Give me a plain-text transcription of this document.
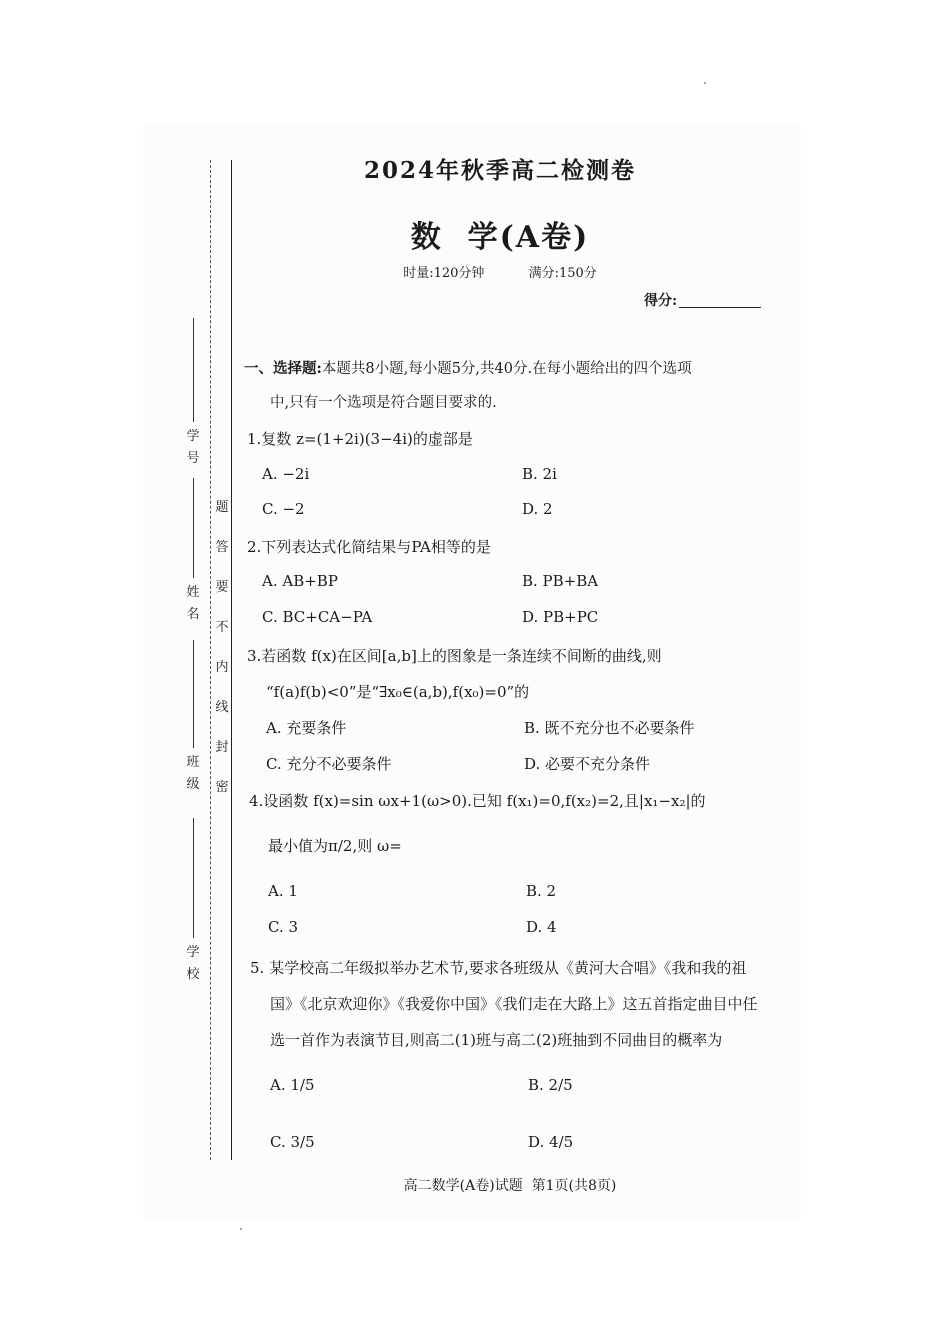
题
答
要
不
内
线
封
密
学
号
姓
名
班
级
学
校
2024年秋季高二检测卷
数  学(A卷)
时量:120分钟	满分:150分
得分:
一、选择题:本题共8小题,每小题5分,共40分.在每小题给出的四个选项
中,只有一个选项是符合题目要求的.
1.复数 z=(1+2i)(3−4i)的虚部是
A. −2i	B. 2i
C. −2	D. 2
2.下列表达式化简结果与PA相等的是
A. AB+BP	B. PB+BA
C. BC+CA−PA	D. PB+PC
3.若函数 f(x)在区间[a,b]上的图象是一条连续不间断的曲线,则
“f(a)f(b)<0”是“∃x₀∈(a,b),f(x₀)=0”的
A. 充要条件	B. 既不充分也不必要条件
C. 充分不必要条件	D. 必要不充分条件
4.设函数 f(x)=sin ωx+1(ω>0).已知 f(x₁)=0,f(x₂)=2,且|x₁−x₂|的
最小值为π/2,则 ω=
A. 1	B. 2
C. 3	D. 4
5. 某学校高二年级拟举办艺术节,要求各班级从《黄河大合唱》《我和我的祖
国》《北京欢迎你》《我爱你中国》《我们走在大路上》这五首指定曲目中任
选一首作为表演节目,则高二(1)班与高二(2)班抽到不同曲目的概率为
A. 1/5	B. 2/5
C. 3/5	D. 4/5
高二数学(A卷)试题  第1页(共8页)
